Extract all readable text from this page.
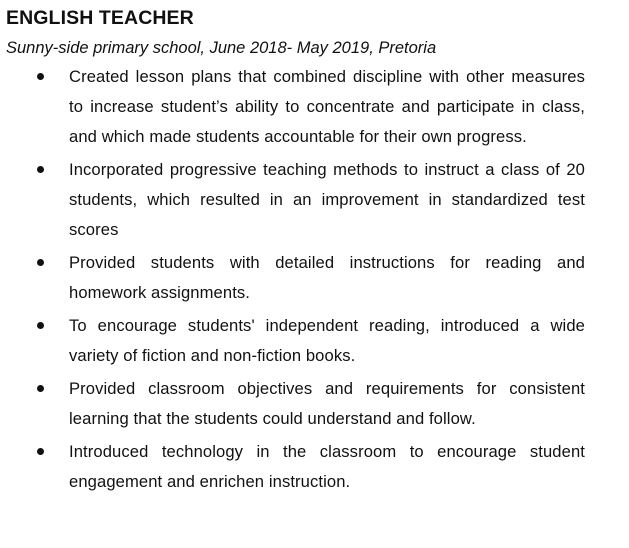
ENGLISH TEACHER

Sunny-side primary school, June 2018- May 2019, Pretoria

Created lesson plans that combined discipline with other measures to increase student’s ability to concentrate and participate in class, and which made students accountable for their own progress.
Incorporated progressive teaching methods to instruct a class of 20 students, which resulted in an improvement in standardized test scores
Provided students with detailed instructions for reading and homework assignments.
To encourage students' independent reading, introduced a wide variety of fiction and non-fiction books.
Provided classroom objectives and requirements for consistent learning that the students could understand and follow.
Introduced technology in the classroom to encourage student engagement and enrichen instruction.
